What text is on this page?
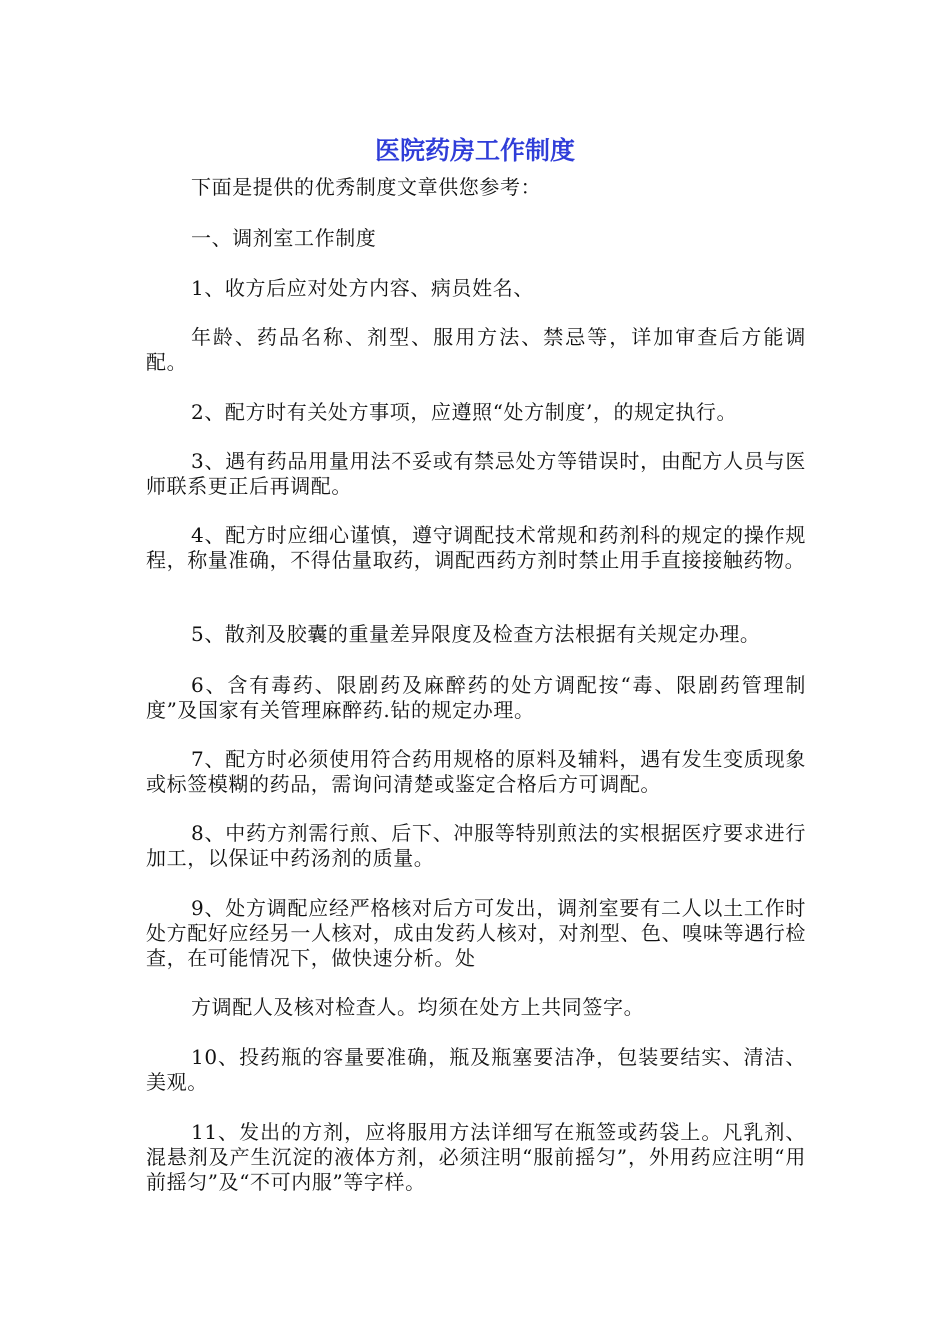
医院药房工作制度

下面是提供的优秀制度文章供您参考：

一、调剂室工作制度

1、收方后应对处方内容、病员姓名、

年龄、药品名称、剂型、服用方法、禁忌等，详加审查后方能调配。

2、配方时有关处方事项，应遵照“处方制度’，的规定执行。

3、遇有药品用量用法不妥或有禁忌处方等错误时，由配方人员与医师联系更正后再调配。

4、配方时应细心谨慎，遵守调配技术常规和药剂科的规定的操作规程，称量准确，不得估量取药，调配西药方剂时禁止用手直接接触药物。

5、散剂及胶囊的重量差异限度及检查方法根据有关规定办理。

6、含有毒药、限剧药及麻醉药的处方调配按“毒、限剧药管理制度”及国家有关管理麻醉药.钻的规定办理。

7、配方时必须使用符合药用规格的原料及辅料，遇有发生变质现象或标签模糊的药品，需询问清楚或鉴定合格后方可调配。

8、中药方剂需行煎、后下、冲服等特别煎法的实根据医疗要求进行加工，以保证中药汤剂的质量。

9、处方调配应经严格核对后方可发出，调剂室要有二人以土工作时处方配好应经另一人核对，成由发药人核对，对剂型、色、嗅味等遇行检查，在可能情况下，做快速分析。处

方调配人及核对检查人。均须在处方上共同签字。

10、投药瓶的容量要准确，瓶及瓶塞要洁净，包装要结实、清洁、美观。

11、发出的方剂，应将服用方法详细写在瓶签或药袋上。凡乳剂、混悬剂及产生沉淀的液体方剂，必须注明“服前摇匀”，外用药应注明“用前摇匀”及“不可内服”等字样。
